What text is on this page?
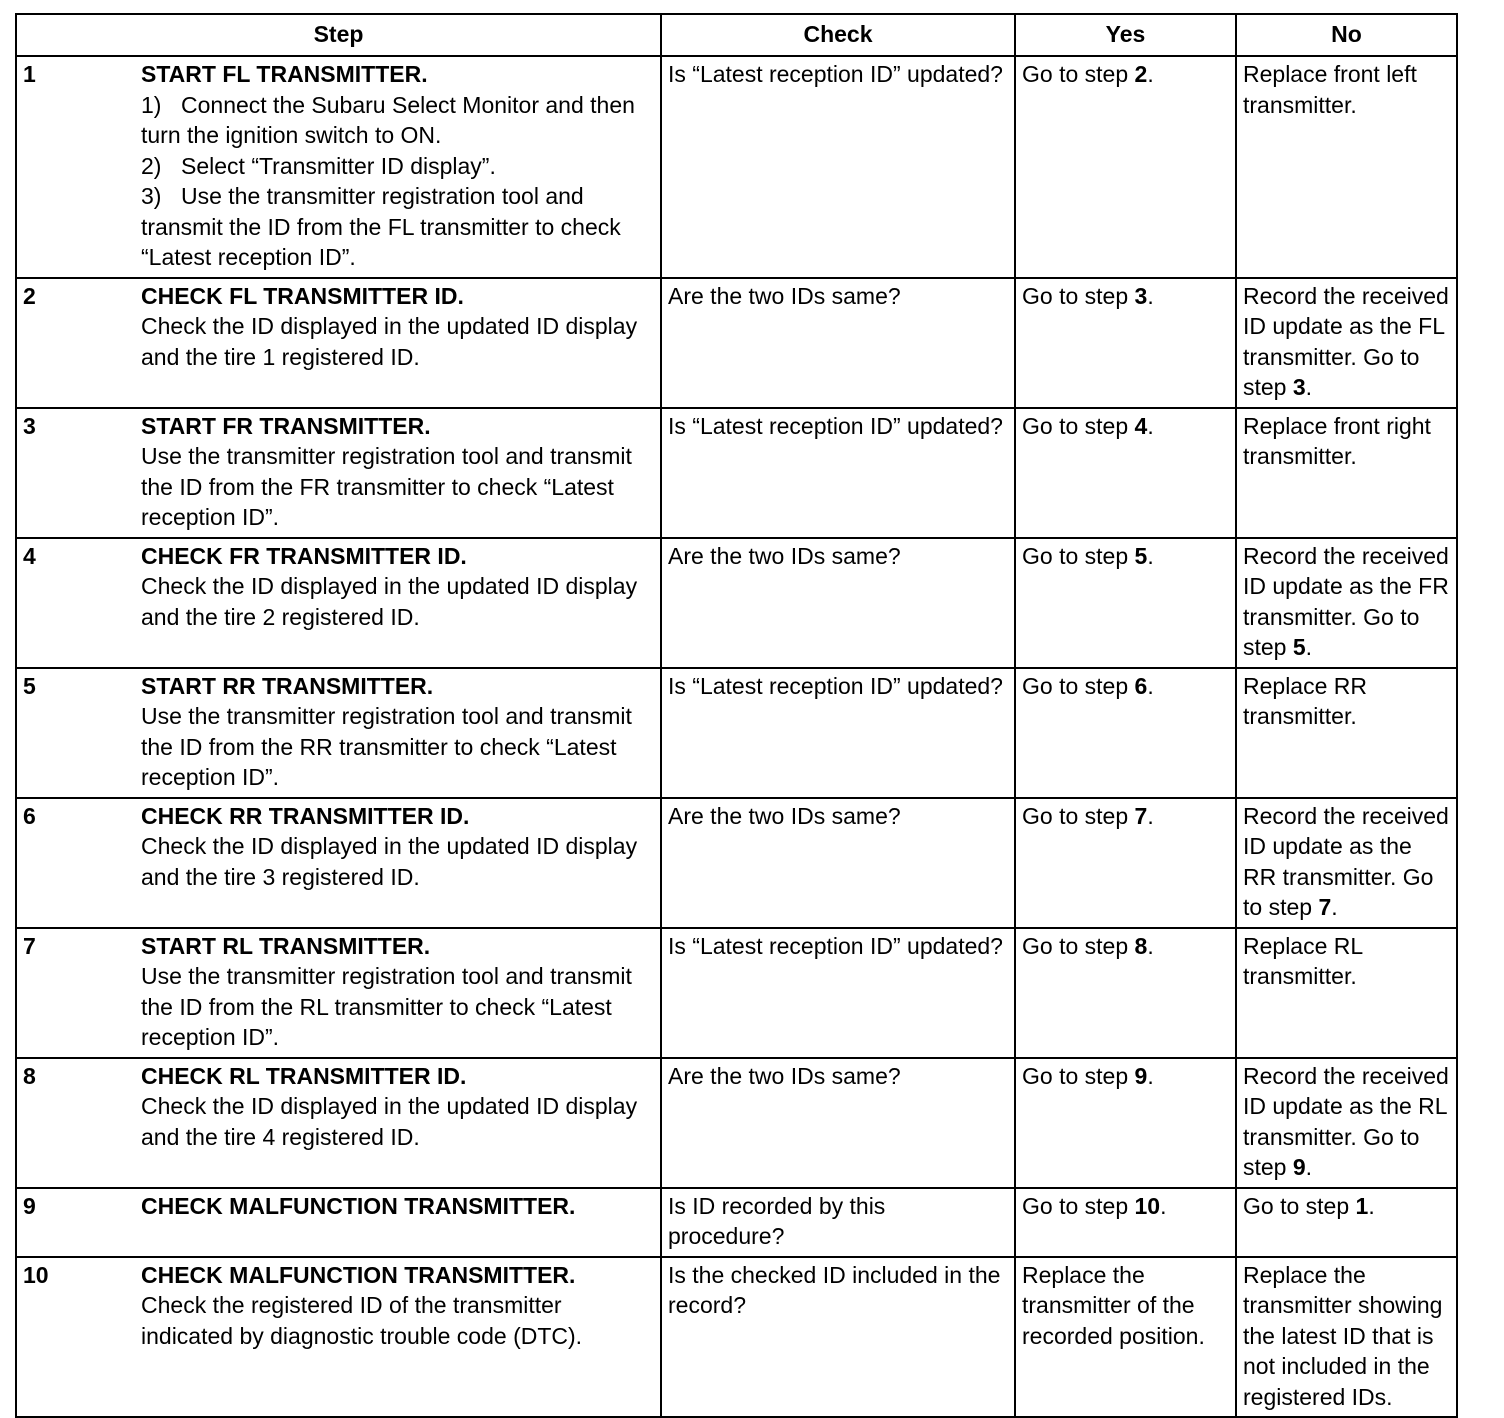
Step	Check	Yes	No

1 START FL TRANSMITTER.
1) Connect the Subaru Select Monitor and then turn the ignition switch to ON.
2) Select “Transmitter ID display”.
3) Use the transmitter registration tool and transmit the ID from the FL transmitter to check “Latest reception ID”.	Is “Latest reception ID” updated?	Go to step 2.	Replace front left transmitter.

2 CHECK FL TRANSMITTER ID.
Check the ID displayed in the updated ID display and the tire 1 registered ID.	Are the two IDs same?	Go to step 3.	Record the received ID update as the FL transmitter. Go to step 3.

3 START FR TRANSMITTER.
Use the transmitter registration tool and transmit the ID from the FR transmitter to check “Latest reception ID”.	Is “Latest reception ID” updated?	Go to step 4.	Replace front right transmitter.

4 CHECK FR TRANSMITTER ID.
Check the ID displayed in the updated ID display and the tire 2 registered ID.	Are the two IDs same?	Go to step 5.	Record the received ID update as the FR transmitter. Go to step 5.

5 START RR TRANSMITTER.
Use the transmitter registration tool and transmit the ID from the RR transmitter to check “Latest reception ID”.	Is “Latest reception ID” updated?	Go to step 6.	Replace RR transmitter.

6 CHECK RR TRANSMITTER ID.
Check the ID displayed in the updated ID display and the tire 3 registered ID.	Are the two IDs same?	Go to step 7.	Record the received ID update as the RR transmitter. Go to step 7.

7 START RL TRANSMITTER.
Use the transmitter registration tool and transmit the ID from the RL transmitter to check “Latest reception ID”.	Is “Latest reception ID” updated?	Go to step 8.	Replace RL transmitter.

8 CHECK RL TRANSMITTER ID.
Check the ID displayed in the updated ID display and the tire 4 registered ID.	Are the two IDs same?	Go to step 9.	Record the received ID update as the RL transmitter. Go to step 9.

9 CHECK MALFUNCTION TRANSMITTER.	Is ID recorded by this procedure?	Go to step 10.	Go to step 1.

10 CHECK MALFUNCTION TRANSMITTER.
Check the registered ID of the transmitter indicated by diagnostic trouble code (DTC).	Is the checked ID included in the record?	Replace the transmitter of the recorded position.	Replace the transmitter showing the latest ID that is not included in the registered IDs.
